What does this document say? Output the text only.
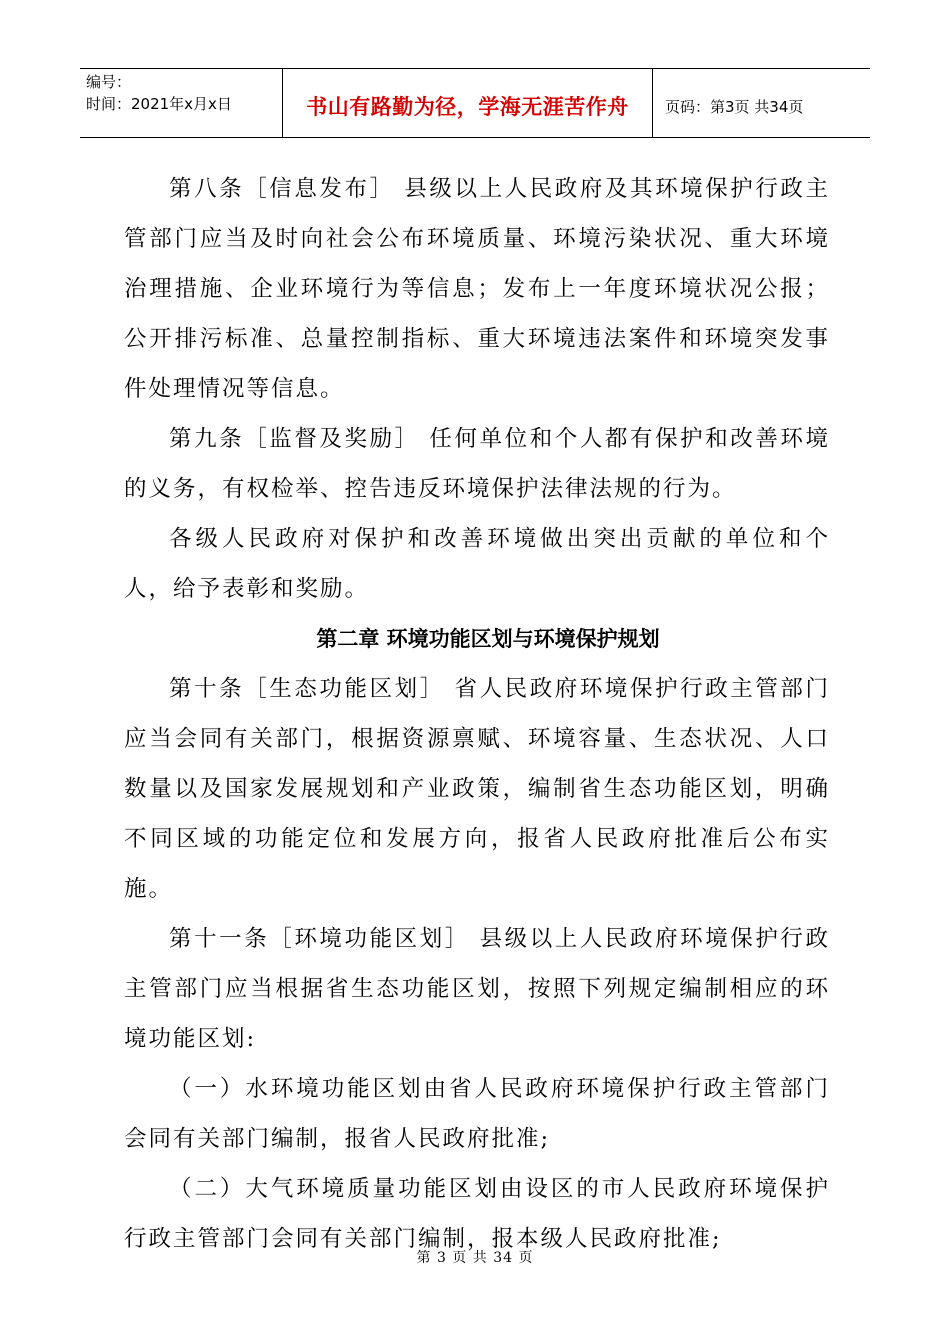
编号：
时间：2021年x月x日	书山有路勤为径，学海无涯苦作舟	页码：第3页 共34页

第八条［信息发布］ 县级以上人民政府及其环境保护行政主管部门应当及时向社会公布环境质量、环境污染状况、重大环境治理措施、企业环境行为等信息；发布上一年度环境状况公报；公开排污标准、总量控制指标、重大环境违法案件和环境突发事件处理情况等信息。

第九条［监督及奖励］ 任何单位和个人都有保护和改善环境的义务，有权检举、控告违反环境保护法律法规的行为。

各级人民政府对保护和改善环境做出突出贡献的单位和个人，给予表彰和奖励。

第二章 环境功能区划与环境保护规划

第十条［生态功能区划］ 省人民政府环境保护行政主管部门应当会同有关部门，根据资源禀赋、环境容量、生态状况、人口数量以及国家发展规划和产业政策，编制省生态功能区划，明确不同区域的功能定位和发展方向，报省人民政府批准后公布实施。

第十一条［环境功能区划］ 县级以上人民政府环境保护行政主管部门应当根据省生态功能区划，按照下列规定编制相应的环境功能区划:

（一）水环境功能区划由省人民政府环境保护行政主管部门会同有关部门编制，报省人民政府批准;

（二）大气环境质量功能区划由设区的市人民政府环境保护行政主管部门会同有关部门编制，报本级人民政府批准;

第 3 页 共 34 页
